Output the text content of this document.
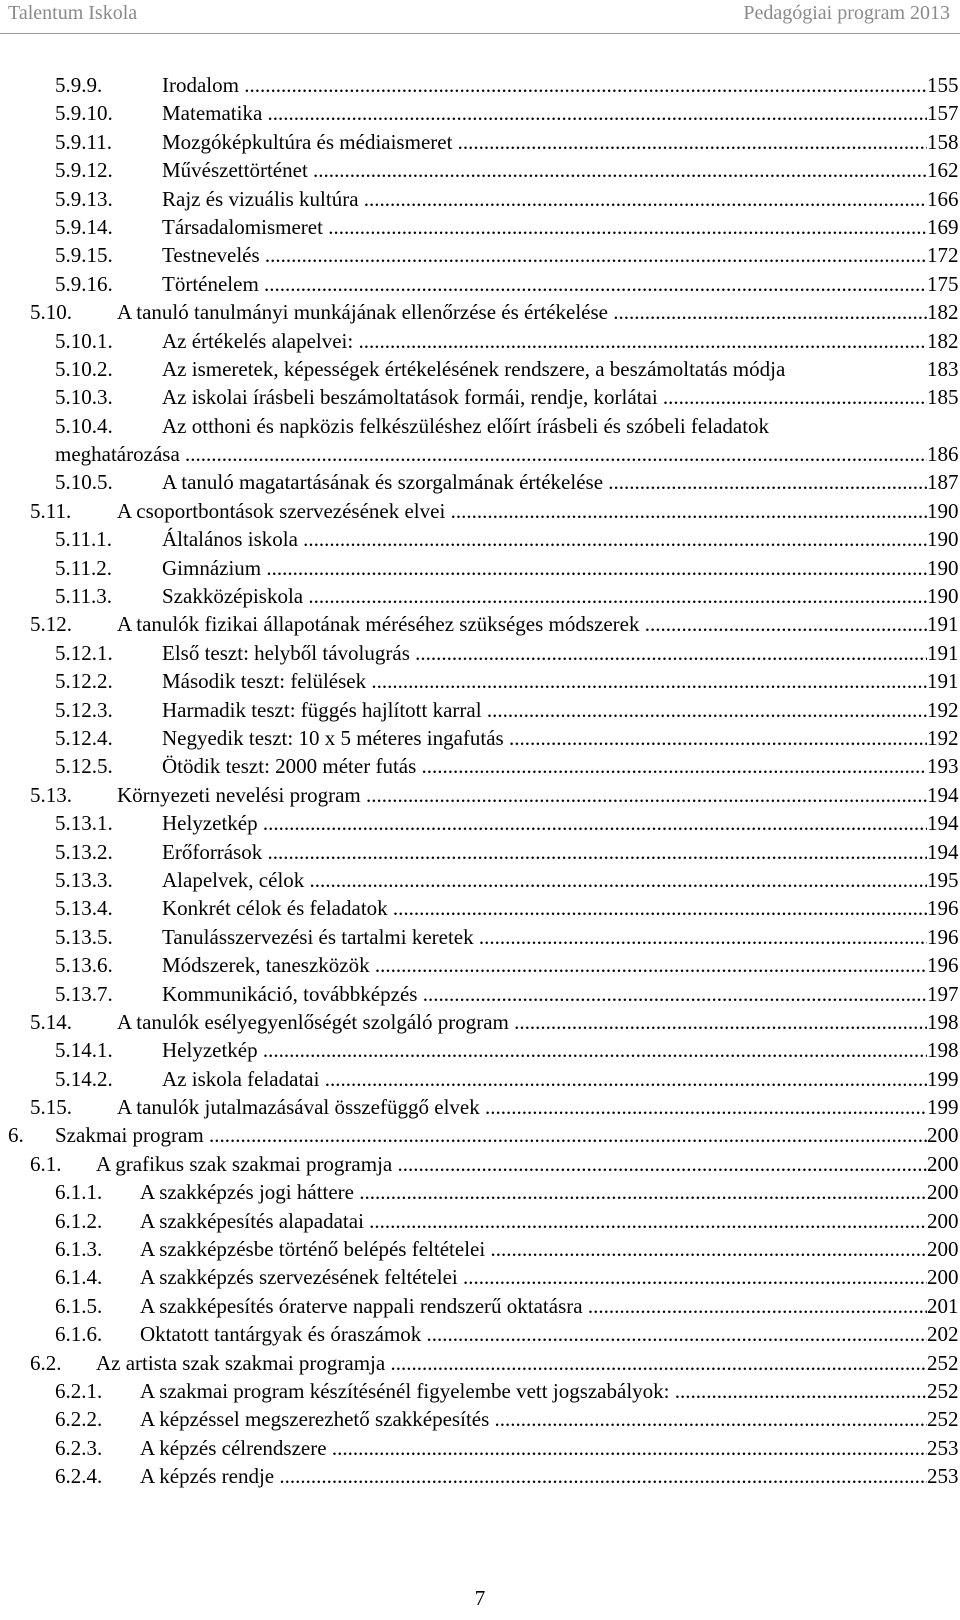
Talentum Iskola	Pedagógiai program 2013
5.9.9.	Irodalom .....	155
5.9.10. Matematika .....	157
5.9.11. Mozgóképkultúra és médiaismeret .....	158
5.9.12. Művészettörténet .....	162
5.9.13. Rajz és vizuális kultúra .....	166
5.9.14. Társadalomismeret .....	169
5.9.15. Testnevelés .....	172
5.9.16. Történelem .....	175
5.10. A tanuló tanulmányi munkájának ellenőrzése és értékelése .....	182
5.10.1. Az értékelés alapelvei: .....	182
5.10.2. Az ismeretek, képességek értékelésének rendszere, a beszámoltatás módja	183
5.10.3. Az iskolai írásbeli beszámoltatások formái, rendje, korlátai .....	185
5.10.4. Az otthoni és napközis felkészüléshez előírt írásbeli és szóbeli feladatok
meghatározása .....	186
5.10.5. A tanuló magatartásának és szorgalmának értékelése .....	187
5.11. A csoportbontások szervezésének elvei .....	190
5.11.1. Általános iskola .....	190
5.11.2. Gimnázium .....	190
5.11.3. Szakközépiskola .....	190
5.12. A tanulók fizikai állapotának méréséhez szükséges módszerek .....	191
5.12.1. Első teszt: helyből távolugrás .....	191
5.12.2. Második teszt: felülések .....	191
5.12.3. Harmadik teszt: függés hajlított karral .....	192
5.12.4. Negyedik teszt: 10 x 5 méteres ingafutás .....	192
5.12.5. Ötödik teszt: 2000 méter futás .....	193
5.13. Környezeti nevelési program .....	194
5.13.1. Helyzetkép .....	194
5.13.2. Erőforrások .....	194
5.13.3. Alapelvek, célok .....	195
5.13.4. Konkrét célok és feladatok .....	196
5.13.5. Tanulásszervezési és tartalmi keretek .....	196
5.13.6. Módszerek, taneszközök .....	196
5.13.7. Kommunikáció, továbbképzés .....	197
5.14. A tanulók esélyegyenlőségét szolgáló program .....	198
5.14.1. Helyzetkép .....	198
5.14.2. Az iskola feladatai .....	199
5.15. A tanulók jutalmazásával összefüggő elvek .....	199
6. Szakmai program .....	200
6.1. A grafikus szak szakmai programja .....	200
6.1.1. A szakképzés jogi háttere .....	200
6.1.2. A szakképesítés alapadatai .....	200
6.1.3. A szakképzésbe történő belépés feltételei .....	200
6.1.4. A szakképzés szervezésének feltételei .....	200
6.1.5. A szakképesítés óraterve nappali rendszerű oktatásra .....	201
6.1.6. Oktatott tantárgyak és óraszámok .....	202
6.2. Az artista szak szakmai programja .....	252
6.2.1. A szakmai program készítésénél figyelembe vett jogszabályok: .....	252
6.2.2. A képzéssel megszerezhető szakképesítés .....	252
6.2.3. A képzés célrendszere .....	253
6.2.4. A képzés rendje .....	253
7
